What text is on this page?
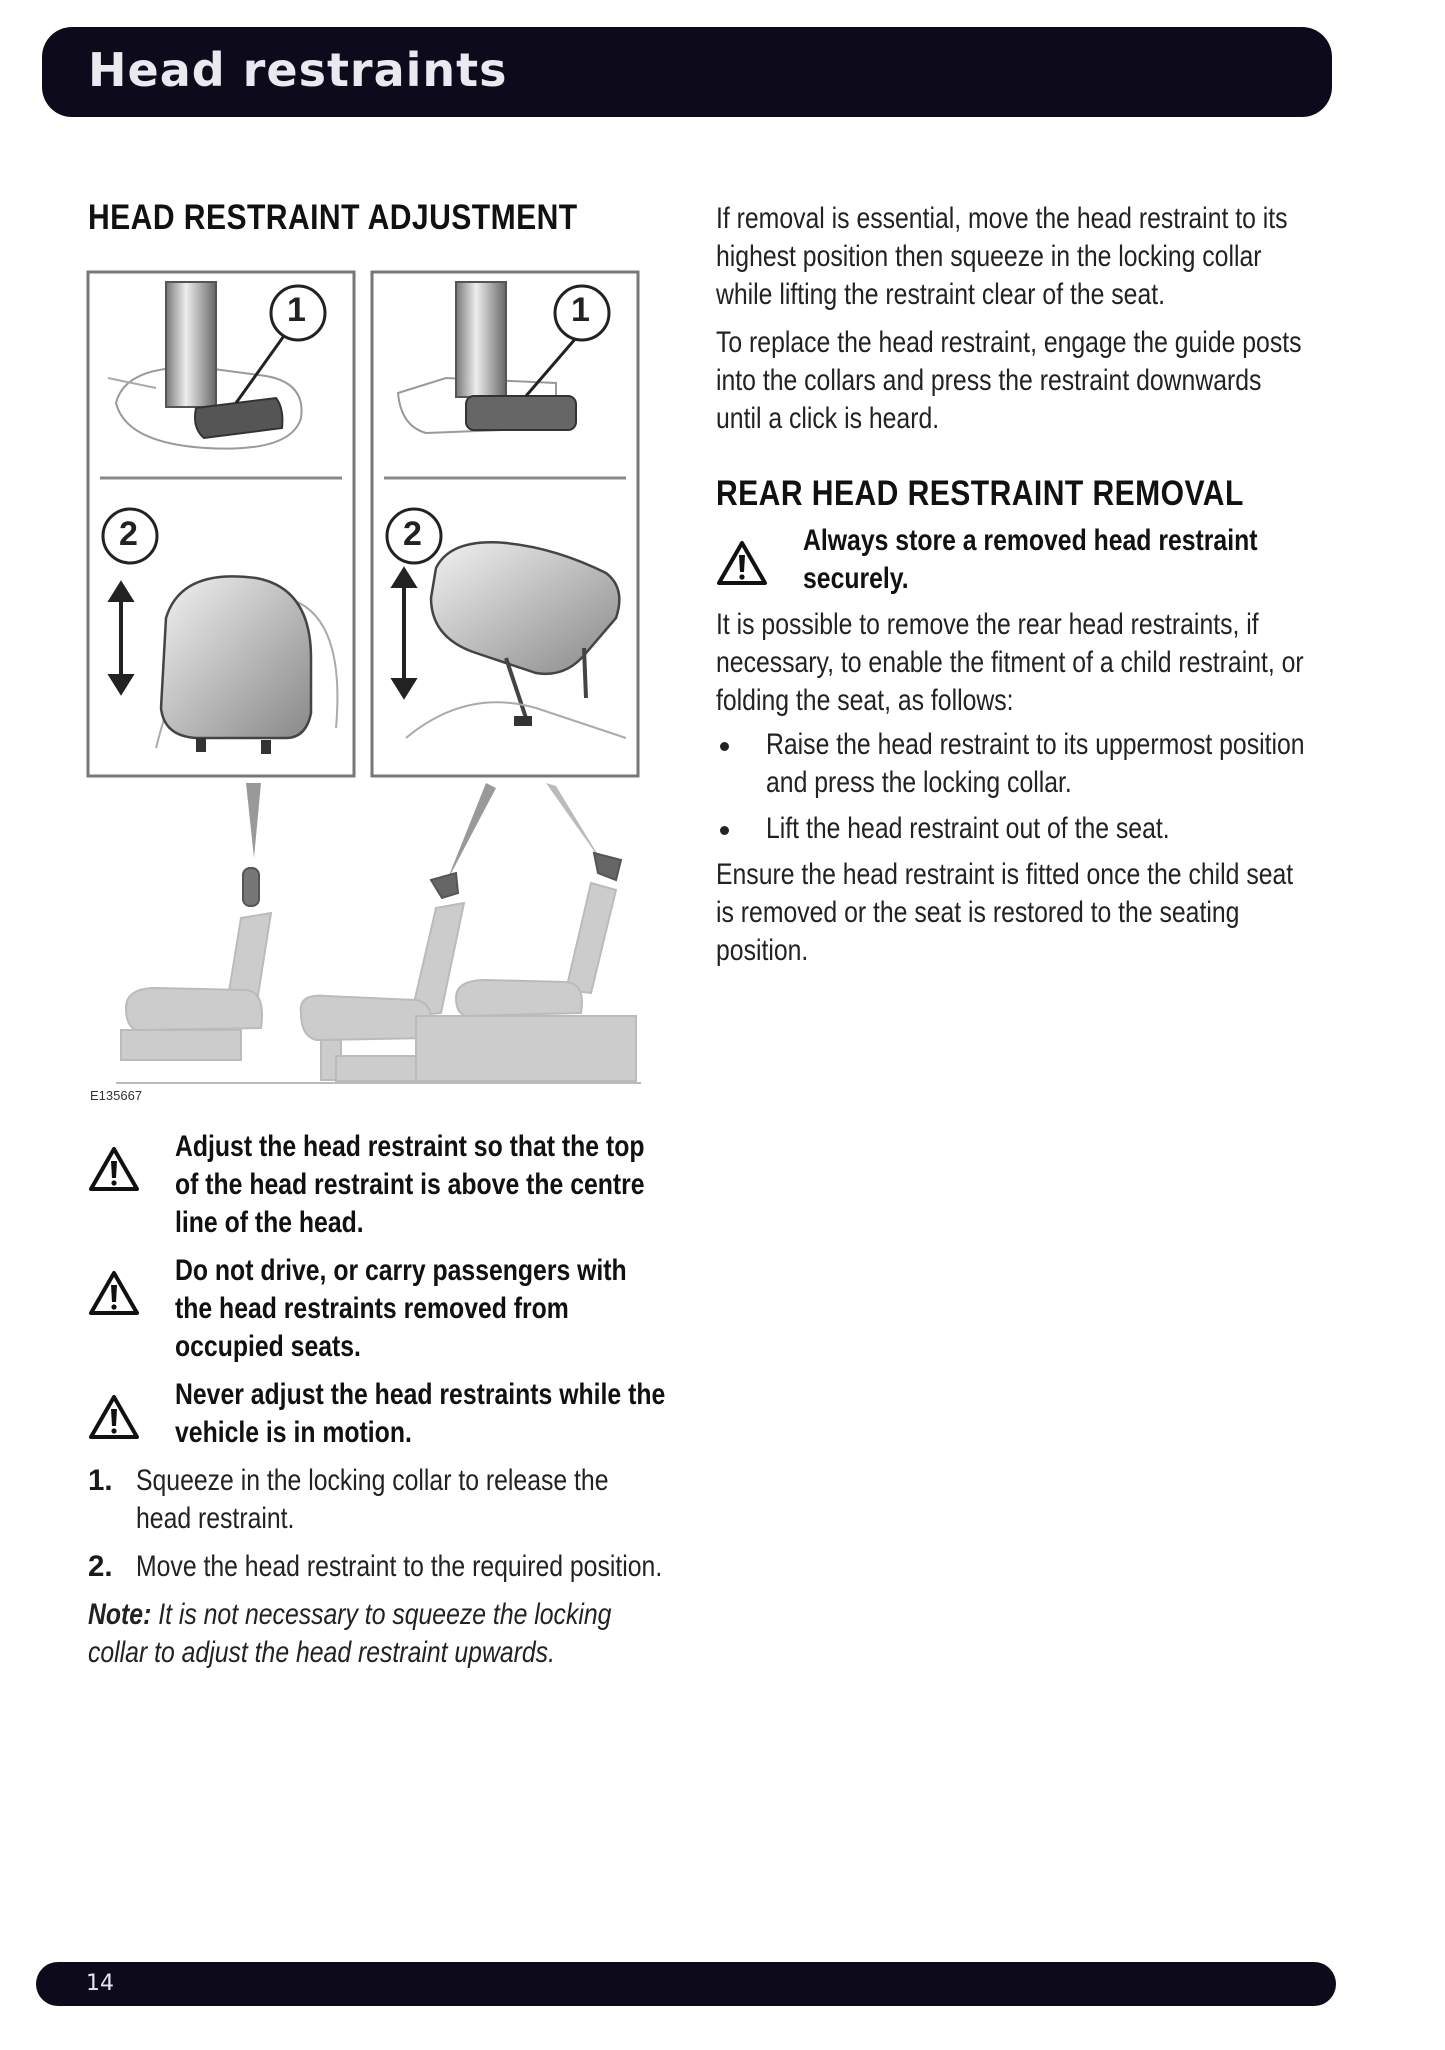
Head restraints
HEAD RESTRAINT ADJUSTMENT
1	1
2	2
E135667
Adjust the head restraint so that the top of the head restraint is above the centre line of the head.
Do not drive, or carry passengers with the head restraints removed from occupied seats.
Never adjust the head restraints while the vehicle is in motion.
1. Squeeze in the locking collar to release the head restraint.

2. Move the head restraint to the required position.

Note: It is not necessary to squeeze the locking collar to adjust the head restraint upwards.

If removal is essential, move the head restraint to its highest position then squeeze in the locking collar while lifting the restraint clear of the seat.

To replace the head restraint, engage the guide posts into the collars and press the restraint downwards until a click is heard.

REAR HEAD RESTRAINT REMOVAL
Always store a removed head restraint securely.

It is possible to remove the rear head restraints, if necessary, to enable the fitment of a child restraint, or folding the seat, as follows:

Raise the head restraint to its uppermost position and press the locking collar.

Lift the head restraint out of the seat.

Ensure the head restraint is fitted once the child seat is removed or the seat is restored to the seating position.

14
